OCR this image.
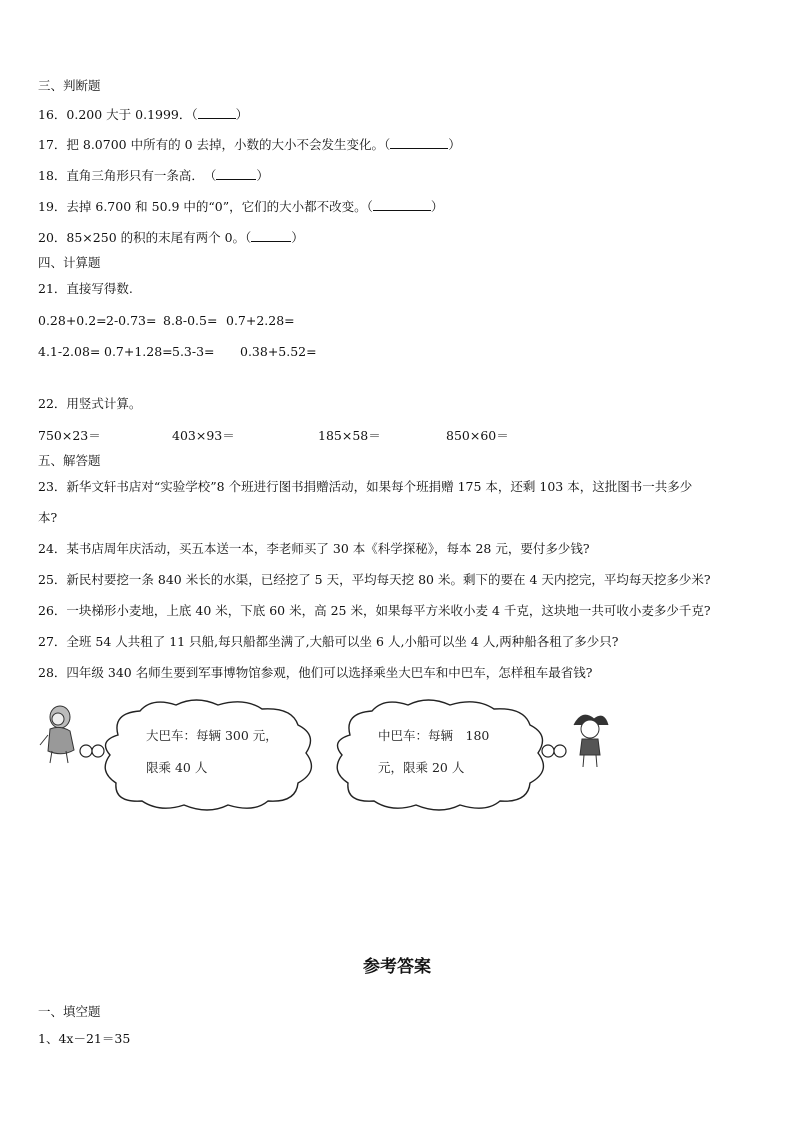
三、判断题
16．0.200 大于 0.1999．（	）
17．把 8.0700 中所有的 0 去掉，小数的大小不会发生变化。（	）
18．直角三角形只有一条高．　（	）
19．去掉 6.700 和 50.9 中的“0”，它们的大小都不改变。（	）
20．85×250 的积的末尾有两个 0。（	）
四、计算题
21．直接写得数.
0.28+0.2= 2-0.73= 8.8-0.5= 0.7+2.28=
4.1-2.08= 0.7+1.28= 5.3-3= 0.38+5.52=
22．用竖式计算。
750×23＝	403×93＝	185×58＝	850×60＝
五、解答题
23．新华文轩书店对“实验学校”8 个班进行图书捐赠活动，如果每个班捐赠 175 本，还剩 103 本，这批图书一共多少
本?
24．某书店周年庆活动，买五本送一本，李老师买了 30 本《科学探秘》，每本 28 元，要付多少钱?
25．新民村要挖一条 840 米长的水渠，已经挖了 5 天，平均每天挖 80 米。剩下的要在 4 天内挖完，平均每天挖多少米?
26．一块梯形小麦地，上底 40 米，下底 60 米，高 25 米，如果每平方米收小麦 4 千克，这块地一共可收小麦多少千克?
27．全班 54 人共租了 11 只船,每只船都坐满了,大船可以坐 6 人,小船可以坐 4 人,两种船各租了多少只?
28．四年级 340 名师生要到军事博物馆参观，他们可以选择乘坐大巴车和中巴车，怎样租车最省钱?
大巴车：每辆 300 元，
限乘 40 人
中巴车：每辆　180
元，限乘 20 人
参考答案
一、填空题
1、4x－21＝35
